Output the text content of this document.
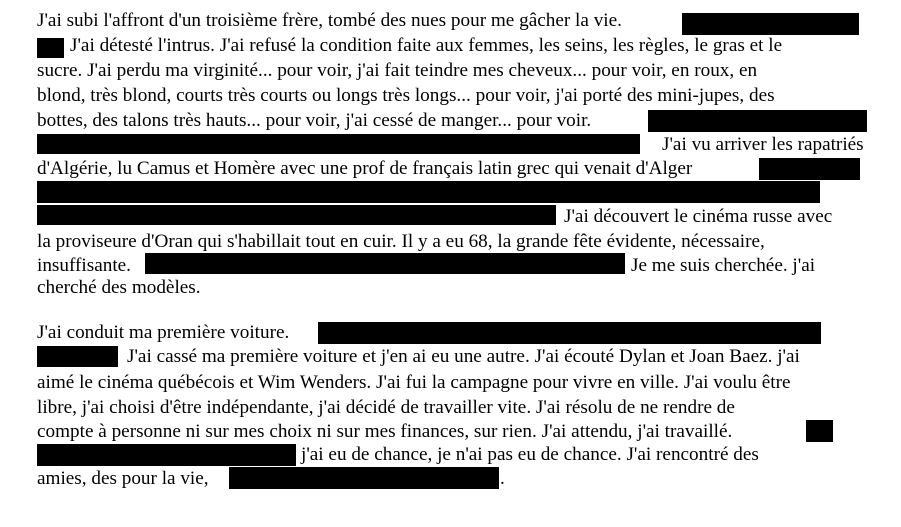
J'ai subi l'affront d'un troisième frère, tombé des nues pour me gâcher la vie.
J'ai détesté l'intrus. J'ai refusé la condition faite aux femmes, les seins, les règles, le gras et le
sucre. J'ai perdu ma virginité... pour voir, j'ai fait teindre mes cheveux... pour voir, en roux, en
blond, très blond, courts très courts ou longs très longs... pour voir, j'ai porté des mini-jupes, des
bottes, des talons très hauts... pour voir, j'ai cessé de manger... pour voir.
J'ai vu arriver les rapatriés
d'Algérie, lu Camus et Homère avec une prof de français latin grec qui venait d'Alger
J'ai découvert le cinéma russe avec
la proviseure d'Oran qui s'habillait tout en cuir. Il y a eu 68, la grande fête évidente, nécessaire,
insuffisante.	Je me suis cherchée. j'ai
cherché des modèles.
J'ai conduit ma première voiture.
J'ai cassé ma première voiture et j'en ai eu une autre. J'ai écouté Dylan et Joan Baez. j'ai
aimé le cinéma québécois et Wim Wenders. J'ai fui la campagne pour vivre en ville. J'ai voulu être
libre, j'ai choisi d'être indépendante, j'ai décidé de travailler vite. J'ai résolu de ne rendre de
compte à personne ni sur mes choix ni sur mes finances, sur rien. J'ai attendu, j'ai travaillé.
j'ai eu de chance, je n'ai pas eu de chance. J'ai rencontré des
amies, des pour la vie,	.
